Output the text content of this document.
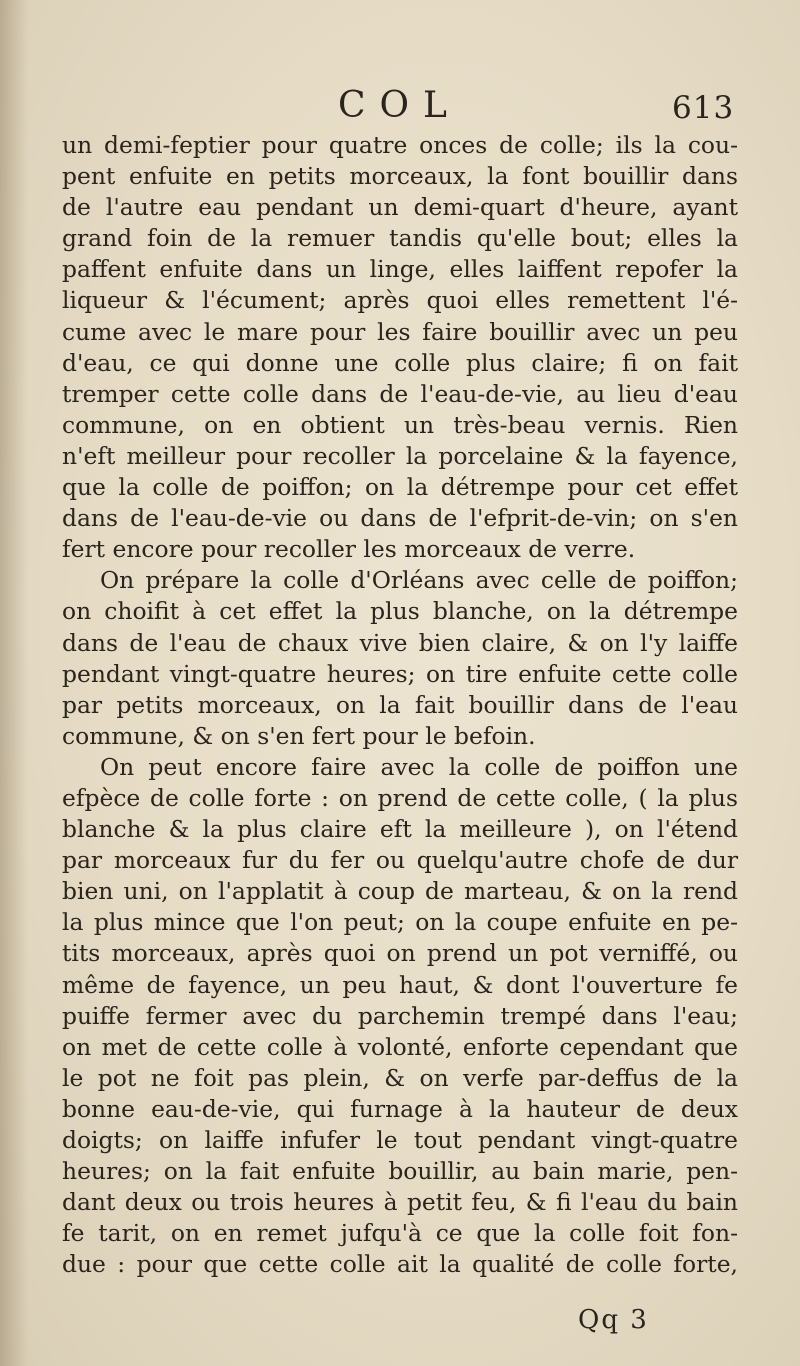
COL	613
un demi-feptier pour quatre onces de colle; ils la cou-
pent enfuite en petits morceaux, la font bouillir dans
de l'autre eau pendant un demi-quart d'heure, ayant
grand foin de la remuer tandis qu'elle bout; elles la
paffent enfuite dans un linge, elles laiffent repofer la
liqueur & l'écument; après quoi elles remettent l'é-
cume avec le mare pour les faire bouillir avec un peu
d'eau, ce qui donne une colle plus claire; fi on fait
tremper cette colle dans de l'eau-de-vie, au lieu d'eau
commune, on en obtient un très-beau vernis. Rien
n'eft meilleur pour recoller la porcelaine & la fayence,
que la colle de poiffon; on la détrempe pour cet effet
dans de l'eau-de-vie ou dans de l'efprit-de-vin; on s'en
fert encore pour recoller les morceaux de verre.
On prépare la colle d'Orléans avec celle de poiffon;
on choifit à cet effet la plus blanche, on la détrempe
dans de l'eau de chaux vive bien claire, & on l'y laiffe
pendant vingt-quatre heures; on tire enfuite cette colle
par petits morceaux, on la fait bouillir dans de l'eau
commune, & on s'en fert pour le befoin.
On peut encore faire avec la colle de poiffon une
efpèce de colle forte : on prend de cette colle, ( la plus
blanche & la plus claire eft la meilleure ), on l'étend
par morceaux fur du fer ou quelqu'autre chofe de dur
bien uni, on l'applatit à coup de marteau, & on la rend
la plus mince que l'on peut; on la coupe enfuite en pe-
tits morceaux, après quoi on prend un pot verniffé, ou
même de fayence, un peu haut, & dont l'ouverture fe
puiffe fermer avec du parchemin trempé dans l'eau;
on met de cette colle à volonté, enforte cependant que
le pot ne foit pas plein, & on verfe par-deffus de la
bonne eau-de-vie, qui furnage à la hauteur de deux
doigts; on laiffe infufer le tout pendant vingt-quatre
heures; on la fait enfuite bouillir, au bain marie, pen-
dant deux ou trois heures à petit feu, & fi l'eau du bain
fe tarit, on en remet jufqu'à ce que la colle foit fon-
due : pour que cette colle ait la qualité de colle forte,
Qq 3
